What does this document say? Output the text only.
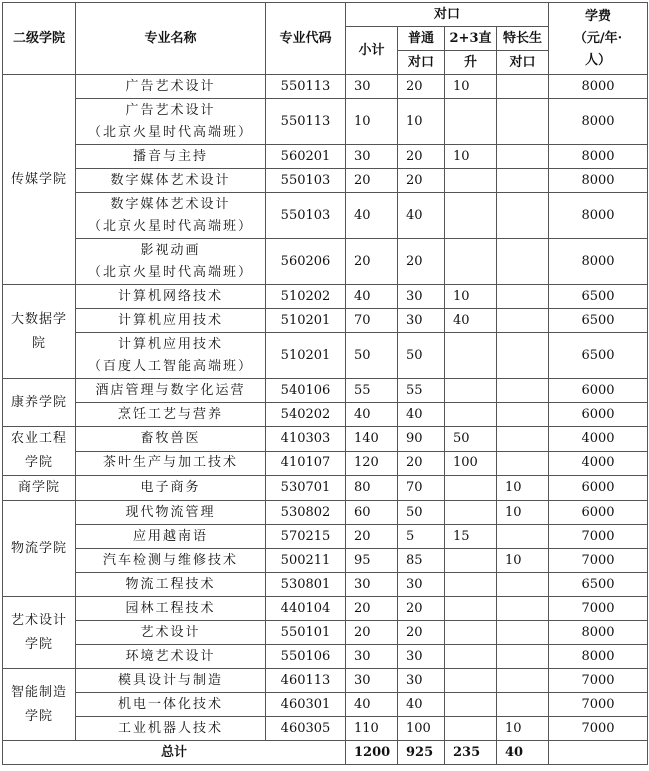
二级学院	专业名称	专业代码	对口				学费
（元/年·
人）

			小计	普通	2+3直	特长生	
				对口	升	对口	

传媒学院	广告艺术设计	550113	30	20	10		8000

	广告艺术设计
（北京火星时代高端班）	550113	10	10			8000

	播音与主持	560201	30	20	10		8000

	数字媒体艺术设计	550103	20	20			8000

	数字媒体艺术设计
（北京火星时代高端班）	550103	40	40			8000

	影视动画
（北京火星时代高端班）	560206	20	20			8000

大数据学
院	计算机网络技术	510202	40	30	10		6500

	计算机应用技术	510201	70	30	40		6500

	计算机应用技术
（百度人工智能高端班）	510201	50	50			6500

康养学院	酒店管理与数字化运营	540106	55	55			6000

	烹饪工艺与营养	540202	40	40			6000

农业工程
学院	畜牧兽医	410303	140	90	50		4000

	茶叶生产与加工技术	410107	120	20	100		4000

商学院	电子商务	530701	80	70		10	6000

物流学院	现代物流管理	530802	60	50		10	6000

	应用越南语	570215	20	5	15		7000

	汽车检测与维修技术	500211	95	85		10	7000

	物流工程技术	530801	30	30			6500

艺术设计
学院	园林工程技术	440104	20	20			7000

	艺术设计	550101	20	20			8000

	环境艺术设计	550106	30	30			8000

智能制造
学院	模具设计与制造	460113	30	30			7000

	机电一体化技术	460301	40	40			7000

	工业机器人技术	460305	110	100		10	7000
总计			1200	925	235	40	
